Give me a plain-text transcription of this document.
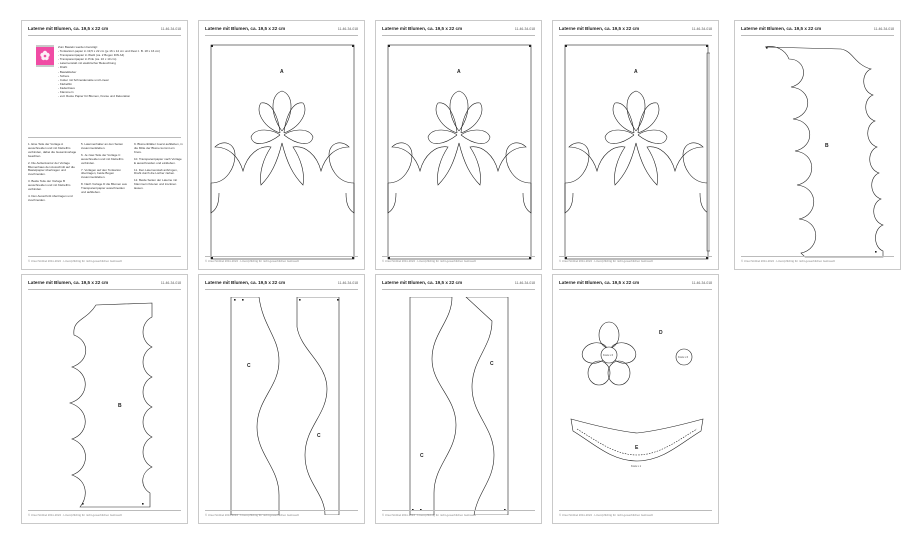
Laterne mit Blumen, ca. 19,5 x 22 cm	11-46-34-018
Zum Basteln werden benötigt:
- Tonkarton/-papier in 19,5 x 22 cm (je 16 x 12 cm und Rest z. B. 18 x 16 cm)
- Transparentpapier in Weiß (ca. 2 Bogen DIN A4)
- Transparentpapier in Pink (ca. 10 x 10 cm)
- Laternenstab mit elektrischer Beleuchtung
- Draht
- Bastelkleber
- Schere
- Cutter mit Schneidematte und Lineal
- Klebefilm
- Fadenhaus
- Klammern
- evtl. Reste Papier für Blumen, Kreise und Dekoration

1. Eine Teile der Vorlage A ausschneiden und mit Klebefilm verbinden, dabei die Gesamtvorlage beachten.

2. Die Außenkontur der Vorlage Blumenhaus den Ausschnitt auf die Bastelpapier übertragen und zuschneiden.

3. Beide Teile der Vorlage B ausschneiden und mit Klebefilm verbinden.

4. Den Ausschnitt übertragen und zuschneiden.

5. Laternenhalter an den Seiten zusammenkleben.

6. Je zwei Teile der Vorlage C ausschneiden und mit Klebefilm verbinden.

7. Vorlagen auf den Tonkarton übertragen, beide Bogen zusammenkleben.

8. Nach Vorlage D die Blumen aus Transparentpapier ausschneiden und aufkleben.

9. Blumenblätter zuerst aufkleben, in die Mitte der Blume kommt ein Kreis.

10. Transparentpapier nach Vorlage E ausschneiden und einkleben.

11. Den Laternenstab anbringen, Draht durch die Löcher ziehen.

12. Beide Seiten der Laterne mit Klammern fixieren und trocknen lassen.

© Ursel Ströbel 2011-2024 · Lizenzpflichtig für nicht-gewerblichen Gebrauch
Laterne mit Blumen, ca. 19,5 x 22 cm	11-46-34-018
© Ursel Ströbel 2011-2024 · Lizenzpflichtig für nicht-gewerblichen Gebrauch
Laterne mit Blumen, ca. 19,5 x 22 cm	11-46-34-018
© Ursel Ströbel 2011-2024 · Lizenzpflichtig für nicht-gewerblichen Gebrauch
Laterne mit Blumen, ca. 19,5 x 22 cm	11-46-34-018
© Ursel Ströbel 2011-2024 · Lizenzpflichtig für nicht-gewerblichen Gebrauch
Laterne mit Blumen, ca. 19,5 x 22 cm	11-46-34-018
B
© Ursel Ströbel 2011-2024 · Lizenzpflichtig für nicht-gewerblichen Gebrauch
Laterne mit Blumen, ca. 19,5 x 22 cm	11-46-34-018
B
© Ursel Ströbel 2011-2024 · Lizenzpflichtig für nicht-gewerblichen Gebrauch
Laterne mit Blumen, ca. 19,5 x 22 cm	11-46-34-018
C
C
© Ursel Ströbel 2011-2024 · Lizenzpflichtig für nicht-gewerblichen Gebrauch
Laterne mit Blumen, ca. 19,5 x 22 cm	11-46-34-018
C
C
© Ursel Ströbel 2011-2024 · Lizenzpflichtig für nicht-gewerblichen Gebrauch
Laterne mit Blumen, ca. 19,5 x 22 cm	11-46-34-018
Kreis x 6
Kreis x 6
D
E
Kreis x 1
© Ursel Ströbel 2011-2024 · Lizenzpflichtig für nicht-gewerblichen Gebrauch
